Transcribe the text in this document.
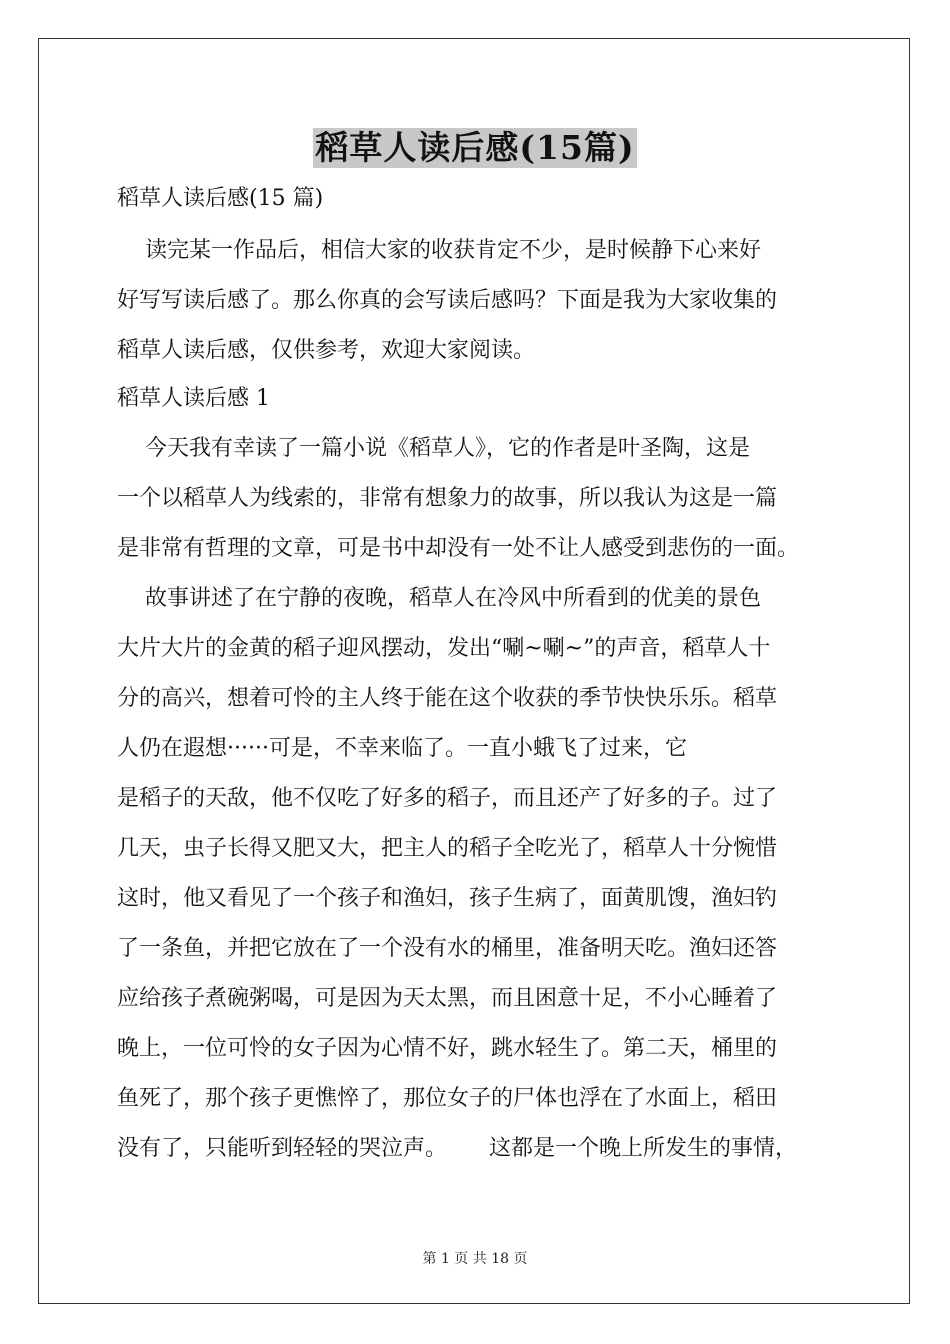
稻草人读后感(15篇)
稻草人读后感(15 篇)
读完某一作品后，相信大家的收获肯定不少，是时候静下心来好
好写写读后感了。那么你真的会写读后感吗？下面是我为大家收集的
稻草人读后感，仅供参考，欢迎大家阅读。
稻草人读后感 1
今天我有幸读了一篇小说《稻草人》，它的作者是叶圣陶，这是
一个以稻草人为线索的，非常有想象力的故事，所以我认为这是一篇
是非常有哲理的文章，可是书中却没有一处不让人感受到悲伤的一面。
故事讲述了在宁静的夜晚，稻草人在冷风中所看到的优美的景色
大片大片的金黄的稻子迎风摆动，发出“唰~唰~”的声音，稻草人十
分的高兴，想着可怜的主人终于能在这个收获的季节快快乐乐。稻草
人仍在遐想······可是，不幸来临了。一直小蛾飞了过来，它
是稻子的天敌，他不仅吃了好多的稻子，而且还产了好多的子。过了
几天，虫子长得又肥又大，把主人的稻子全吃光了，稻草人十分惋惜
这时，他又看见了一个孩子和渔妇，孩子生病了，面黄肌馊，渔妇钓
了一条鱼，并把它放在了一个没有水的桶里，准备明天吃。渔妇还答
应给孩子煮碗粥喝，可是因为天太黑，而且困意十足，不小心睡着了
晚上，一位可怜的女子因为心情不好，跳水轻生了。第二天，桶里的
鱼死了，那个孩子更憔悴了，那位女子的尸体也浮在了水面上，稻田
没有了，只能听到轻轻的哭泣声。      这都是一个晚上所发生的事情，
第 1 页 共 18 页
